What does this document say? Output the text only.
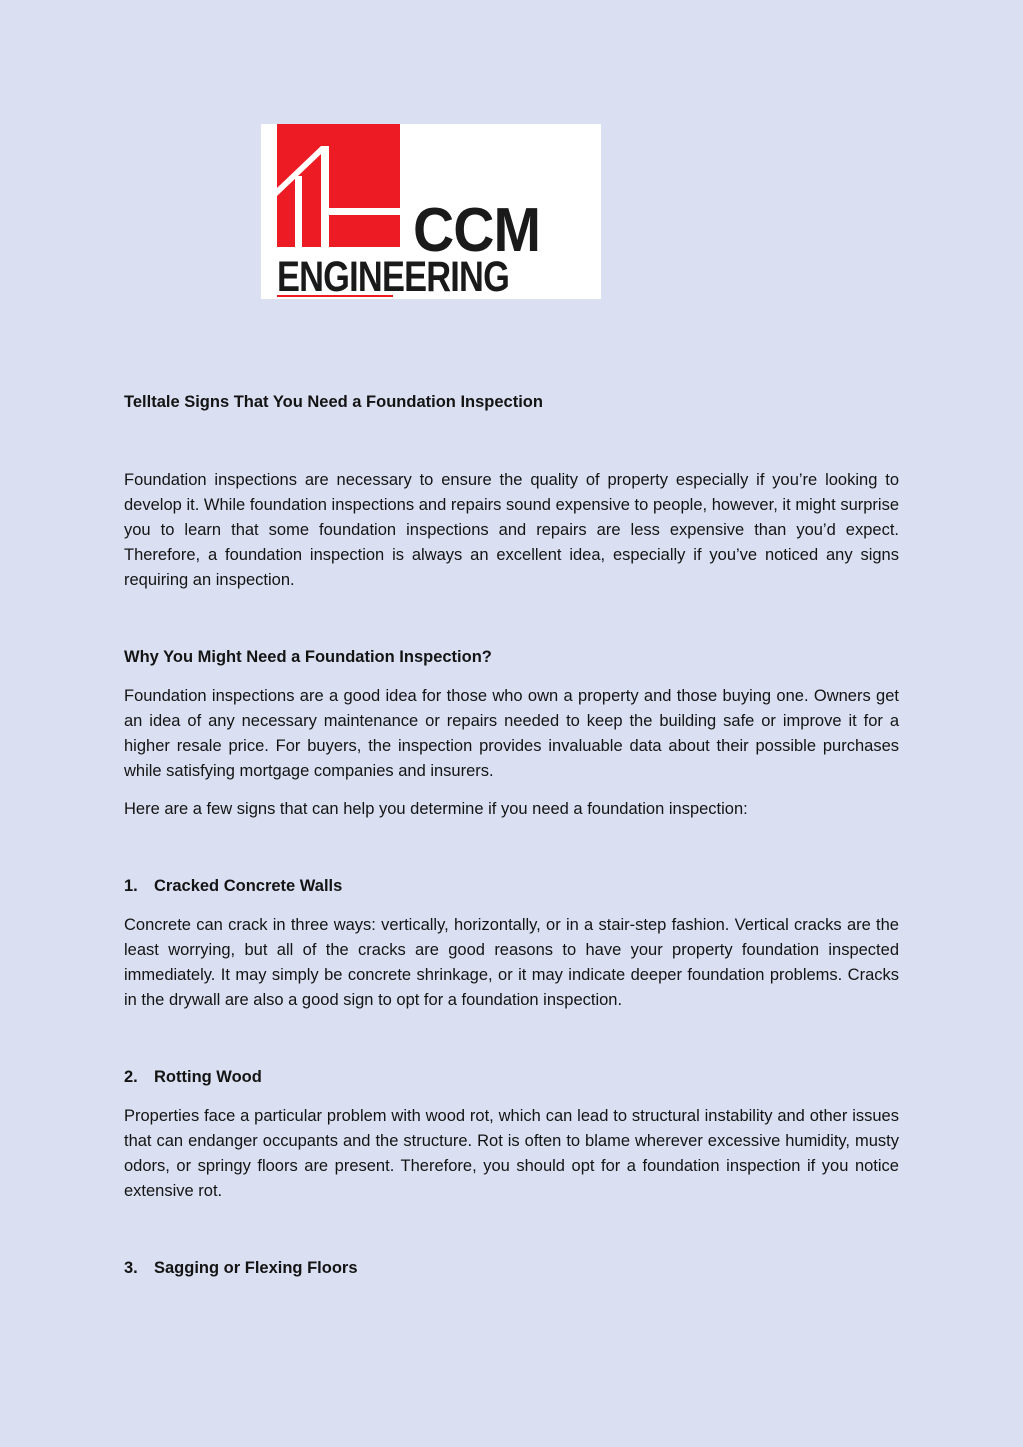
CCM
ENGINEERING
Telltale Signs That You Need a Foundation Inspection

Foundation inspections are necessary to ensure the quality of property especially if you’re looking to develop it. While foundation inspections and repairs sound expensive to people, however, it might surprise you to learn that some foundation inspections and repairs are less expensive than you’d expect. Therefore, a foundation inspection is always an excellent idea, especially if you’ve noticed any signs requiring an inspection.

Why You Might Need a Foundation Inspection?

Foundation inspections are a good idea for those who own a property and those buying one. Owners get an idea of any necessary maintenance or repairs needed to keep the building safe or improve it for a higher resale price. For buyers, the inspection provides invaluable data about their possible purchases while satisfying mortgage companies and insurers.

Here are a few signs that can help you determine if you need a foundation inspection:

1. Cracked Concrete Walls

Concrete can crack in three ways: vertically, horizontally, or in a stair-step fashion. Vertical cracks are the least worrying, but all of the cracks are good reasons to have your property foundation inspected immediately. It may simply be concrete shrinkage, or it may indicate deeper foundation problems. Cracks in the drywall are also a good sign to opt for a foundation inspection.

2. Rotting Wood

Properties face a particular problem with wood rot, which can lead to structural instability and other issues that can endanger occupants and the structure. Rot is often to blame wherever excessive humidity, musty odors, or springy floors are present. Therefore, you should opt for a foundation inspection if you notice extensive rot.

3. Sagging or Flexing Floors
